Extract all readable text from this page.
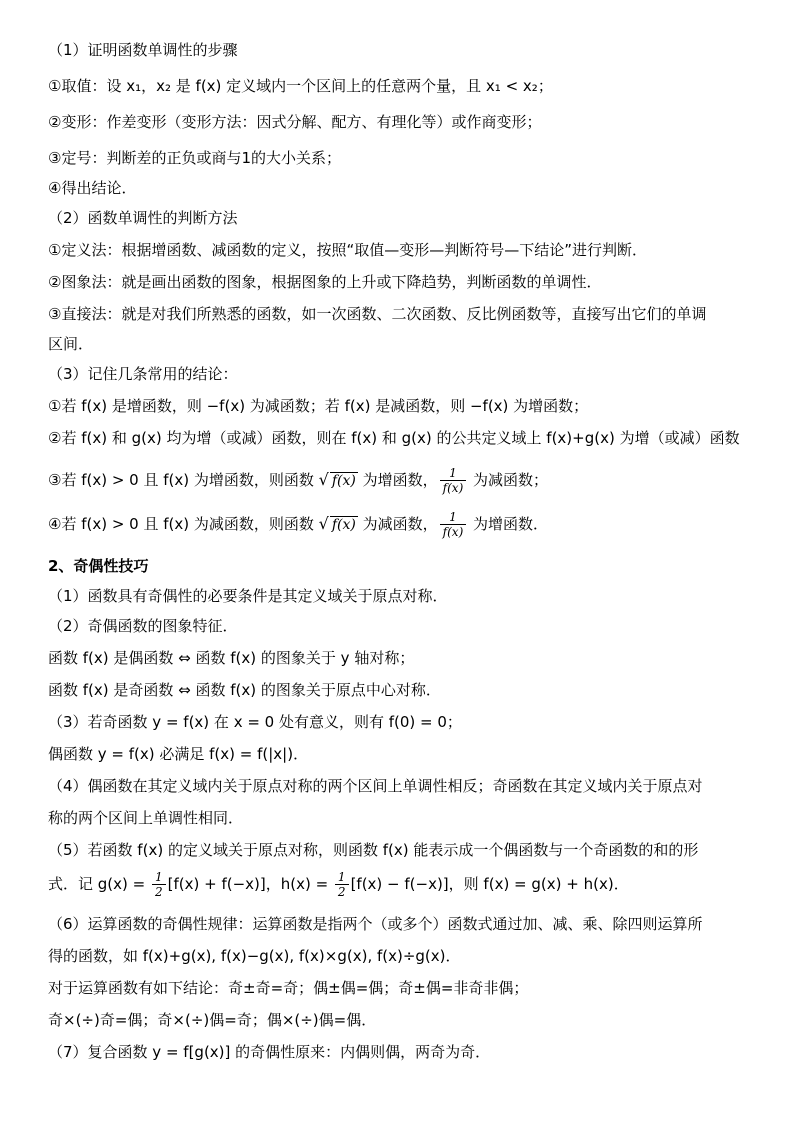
（1）证明函数单调性的步骤
①取值：设 x₁，x₂ 是 f(x) 定义域内一个区间上的任意两个量，且 x₁ < x₂；
②变形：作差变形（变形方法：因式分解、配方、有理化等）或作商变形；
③定号：判断差的正负或商与1的大小关系；
④得出结论．
（2）函数单调性的判断方法
①定义法：根据增函数、减函数的定义，按照“取值—变形—判断符号—下结论”进行判断．
②图象法：就是画出函数的图象，根据图象的上升或下降趋势，判断函数的单调性．
③直接法：就是对我们所熟悉的函数，如一次函数、二次函数、反比例函数等，直接写出它们的单调
区间．
（3）记住几条常用的结论：
①若 f(x) 是增函数，则 −f(x) 为减函数；若 f(x) 是减函数，则 −f(x) 为增函数；
②若 f(x) 和 g(x) 均为增（或减）函数，则在 f(x) 和 g(x) 的公共定义域上 f(x)+g(x) 为增（或减）函数
③若 f(x) > 0 且 f(x) 为增函数，则函数 √ f(x) 为增函数， $\frac{1}{f(x)}$ 为减函数；
④若 f(x) > 0 且 f(x) 为减函数，则函数 √ f(x) 为减函数， $\frac{1}{f(x)}$ 为增函数．
2、奇偶性技巧
（1）函数具有奇偶性的必要条件是其定义域关于原点对称．
（2）奇偶函数的图象特征．
函数 f(x) 是偶函数 ⇔ 函数 f(x) 的图象关于 y 轴对称；
函数 f(x) 是奇函数 ⇔ 函数 f(x) 的图象关于原点中心对称．
（3）若奇函数 y = f(x) 在 x = 0 处有意义，则有 f(0) = 0；
偶函数 y = f(x) 必满足 f(x) = f(|x|)．
（4）偶函数在其定义域内关于原点对称的两个区间上单调性相反；奇函数在其定义域内关于原点对
称的两个区间上单调性相同．
（5）若函数 f(x) 的定义域关于原点对称，则函数 f(x) 能表示成一个偶函数与一个奇函数的和的形
式．记 $g(x) = \frac{1}{2} [f(x) + f(-x)]$，$h(x) = \frac{1}{2} [f(x) - f(-x)]$，则 f(x) = g(x) + h(x)．
（6）运算函数的奇偶性规律：运算函数是指两个（或多个）函数式通过加、减、乘、除四则运算所
得的函数，如 f(x)+g(x), f(x)−g(x), f(x)×g(x), f(x)÷g(x)．
对于运算函数有如下结论：奇±奇=奇；偶±偶=偶；奇±偶=非奇非偶；
奇×(÷)奇=偶；奇×(÷)偶=奇；偶×(÷)偶=偶．
（7）复合函数 y = f[g(x)] 的奇偶性原来：内偶则偶，两奇为奇．
